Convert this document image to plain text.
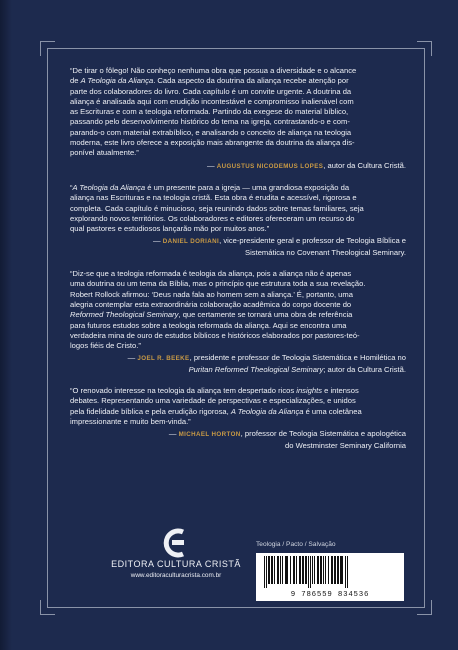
“De tirar o fôlego! Não conheço nenhuma obra que possua a diversidade e o alcance
de A Teologia da Aliança. Cada aspecto da doutrina da aliança recebe atenção por
parte dos colaboradores do livro. Cada capítulo é um convite urgente. A doutrina da
aliança é analisada aqui com erudição incontestável e compromisso inalienável com
as Escrituras e com a teologia reformada. Partindo da exegese do material bíblico,
passando pelo desenvolvimento histórico do tema na igreja, contrastando-o e com-
parando-o com material extrabíblico, e analisando o conceito de aliança na teologia
moderna, este livro oferece a exposição mais abrangente da doutrina da aliança dis-
ponível atualmente.”
— AUGUSTUS NICODEMUS LOPES, autor da Cultura Cristã.
“A Teologia da Aliança é um presente para a igreja — uma grandiosa exposição da
aliança nas Escrituras e na teologia cristã. Esta obra é erudita e acessível, rigorosa e
completa. Cada capítulo é minucioso, seja reunindo dados sobre temas familiares, seja
explorando novos territórios. Os colaboradores e editores ofereceram um recurso do
qual pastores e estudiosos lançarão mão por muitos anos.”
— DANIEL DORIANI, vice-presidente geral e professor de Teologia Bíblica e
Sistemática no Covenant Theological Seminary.
“Diz-se que a teologia reformada é teologia da aliança, pois a aliança não é apenas
uma doutrina ou um tema da Bíblia, mas o princípio que estrutura toda a sua revelação.
Robert Rollock afirmou: ‘Deus nada fala ao homem sem a aliança.’ É, portanto, uma
alegria contemplar esta extraordinária colaboração acadêmica do corpo docente do
Reformed Theological Seminary, que certamente se tornará uma obra de referência
para futuros estudos sobre a teologia reformada da aliança. Aqui se encontra uma
verdadeira mina de ouro de estudos bíblicos e históricos elaborados por pastores-teó-
logos fiéis de Cristo.”
— JOEL R. BEEKE, presidente e professor de Teologia Sistemática e Homilética no
Puritan Reformed Theological Seminary; autor da Cultura Cristã.
“O renovado interesse na teologia da aliança tem despertado ricos insights e intensos
debates. Representando uma variedade de perspectivas e especializações, e unidos
pela fidelidade bíblica e pela erudição rigorosa, A Teologia da Aliança é uma coletânea
impressionante e muito bem-vinda.”
— MICHAEL HORTON, professor de Teologia Sistemática e apologética
do Westminster Seminary California
EDITORA CULTURA CRISTÃ
www.editoraculturacrista.com.br
Teologia / Pacto / Salvação
9 786559 834536
